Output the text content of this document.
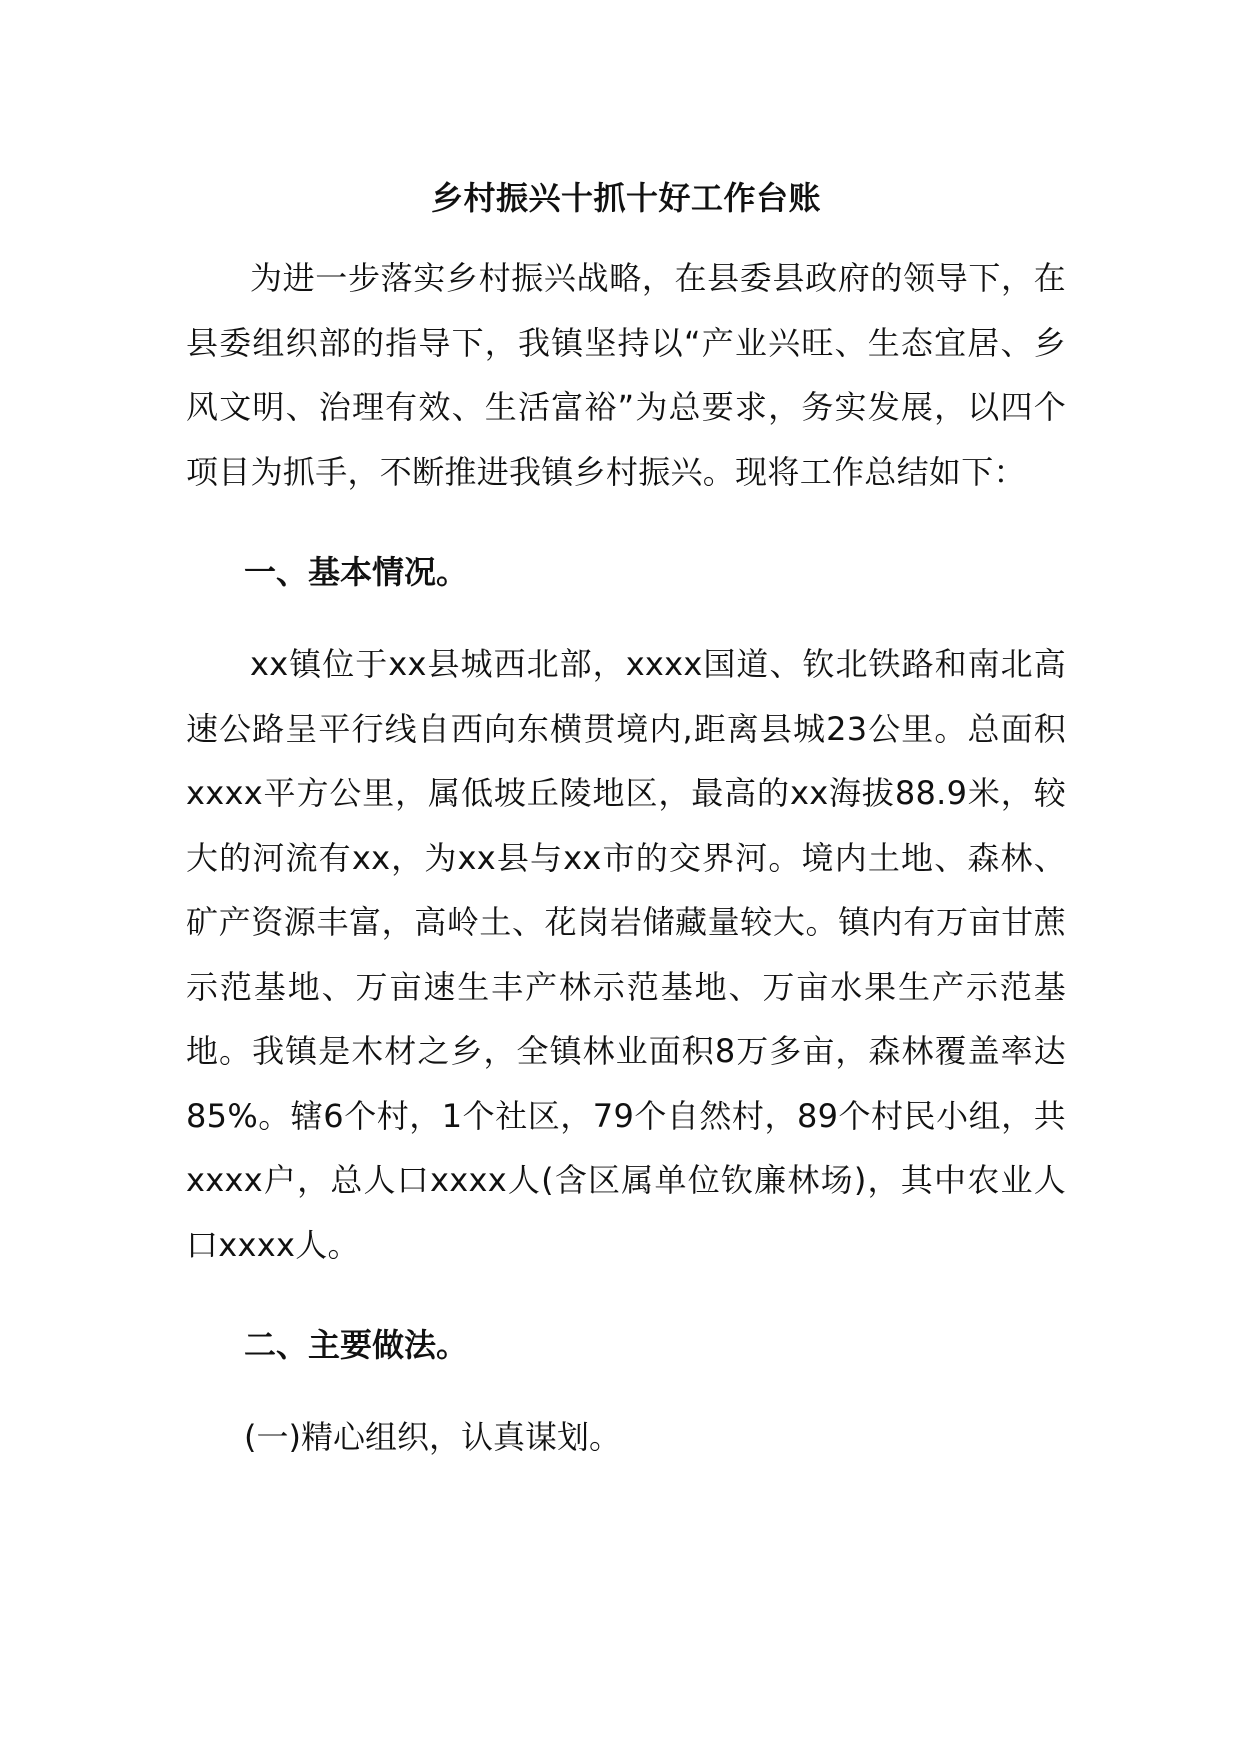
乡村振兴十抓十好工作台账

为进一步落实乡村振兴战略，在县委县政府的领导下，在县委组织部的指导下，我镇坚持以“产业兴旺、生态宜居、乡风文明、治理有效、生活富裕”为总要求，务实发展，以四个项目为抓手，不断推进我镇乡村振兴。现将工作总结如下：

一、基本情况。

xx镇位于xx县城西北部，xxxx国道、钦北铁路和南北高速公路呈平行线自西向东横贯境内,距离县城23公里。总面积xxxx平方公里，属低坡丘陵地区，最高的xx海拔88.9米，较大的河流有xx，为xx县与xx市的交界河。境内土地、森林、矿产资源丰富，高岭土、花岗岩储藏量较大。镇内有万亩甘蔗示范基地、万亩速生丰产林示范基地、万亩水果生产示范基地。我镇是木材之乡，全镇林业面积8万多亩，森林覆盖率达85%。辖6个村，1个社区，79个自然村，89个村民小组，共xxxx户，总人口xxxx人(含区属单位钦廉林场)，其中农业人口xxxx人。

二、主要做法。
(一)精心组织，认真谋划。
